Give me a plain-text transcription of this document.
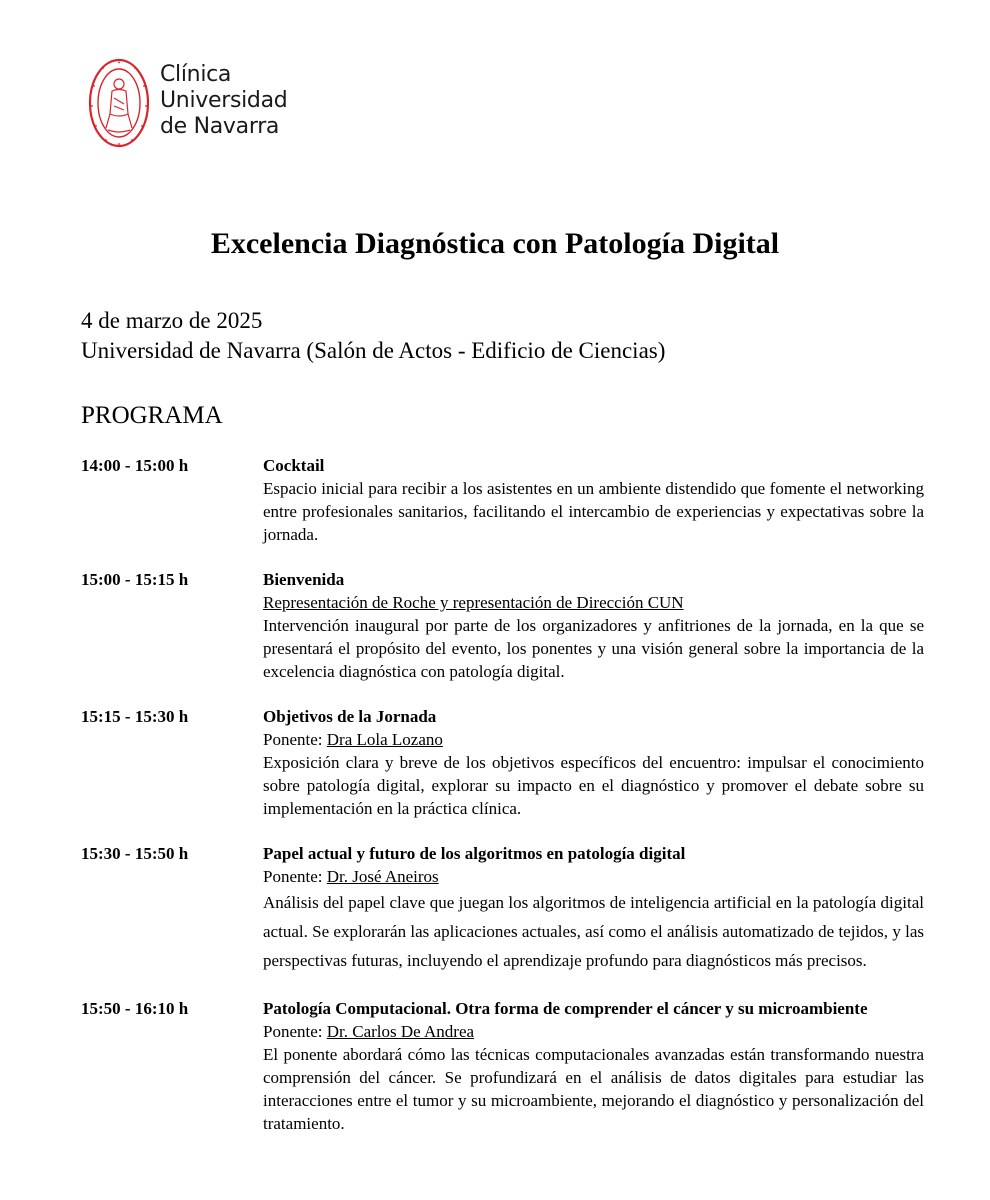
Clínica
Universidad
de Navarra
Excelencia Diagnóstica con Patología Digital
4 de marzo de 2025
Universidad de Navarra (Salón de Actos - Edificio de Ciencias)
PROGRAMA
14:00 - 15:00 h	Cocktail
Espacio inicial para recibir a los asistentes en un ambiente distendido que fomente el networking entre profesionales sanitarios, facilitando el intercambio de experiencias y expectativas sobre la jornada.
15:00 - 15:15 h	Bienvenida
Representación de Roche y representación de Dirección CUN
Intervención inaugural por parte de los organizadores y anfitriones de la jornada, en la que se presentará el propósito del evento, los ponentes y una visión general sobre la importancia de la excelencia diagnóstica con patología digital.
15:15 - 15:30 h	Objetivos de la Jornada
Ponente: Dra Lola Lozano
Exposición clara y breve de los objetivos específicos del encuentro: impulsar el conocimiento sobre patología digital, explorar su impacto en el diagnóstico y promover el debate sobre su implementación en la práctica clínica.
15:30 - 15:50 h	Papel actual y futuro de los algoritmos en patología digital
Ponente: Dr. José Aneiros
Análisis del papel clave que juegan los algoritmos de inteligencia artificial en la patología digital actual. Se explorarán las aplicaciones actuales, así como el análisis automatizado de tejidos, y las perspectivas futuras, incluyendo el aprendizaje profundo para diagnósticos más precisos.
15:50 - 16:10 h	Patología Computacional. Otra forma de comprender el cáncer y su microambiente
Ponente: Dr. Carlos De Andrea
El ponente abordará cómo las técnicas computacionales avanzadas están transformando nuestra comprensión del cáncer. Se profundizará en el análisis de datos digitales para estudiar las interacciones entre el tumor y su microambiente, mejorando el diagnóstico y personalización del tratamiento.
